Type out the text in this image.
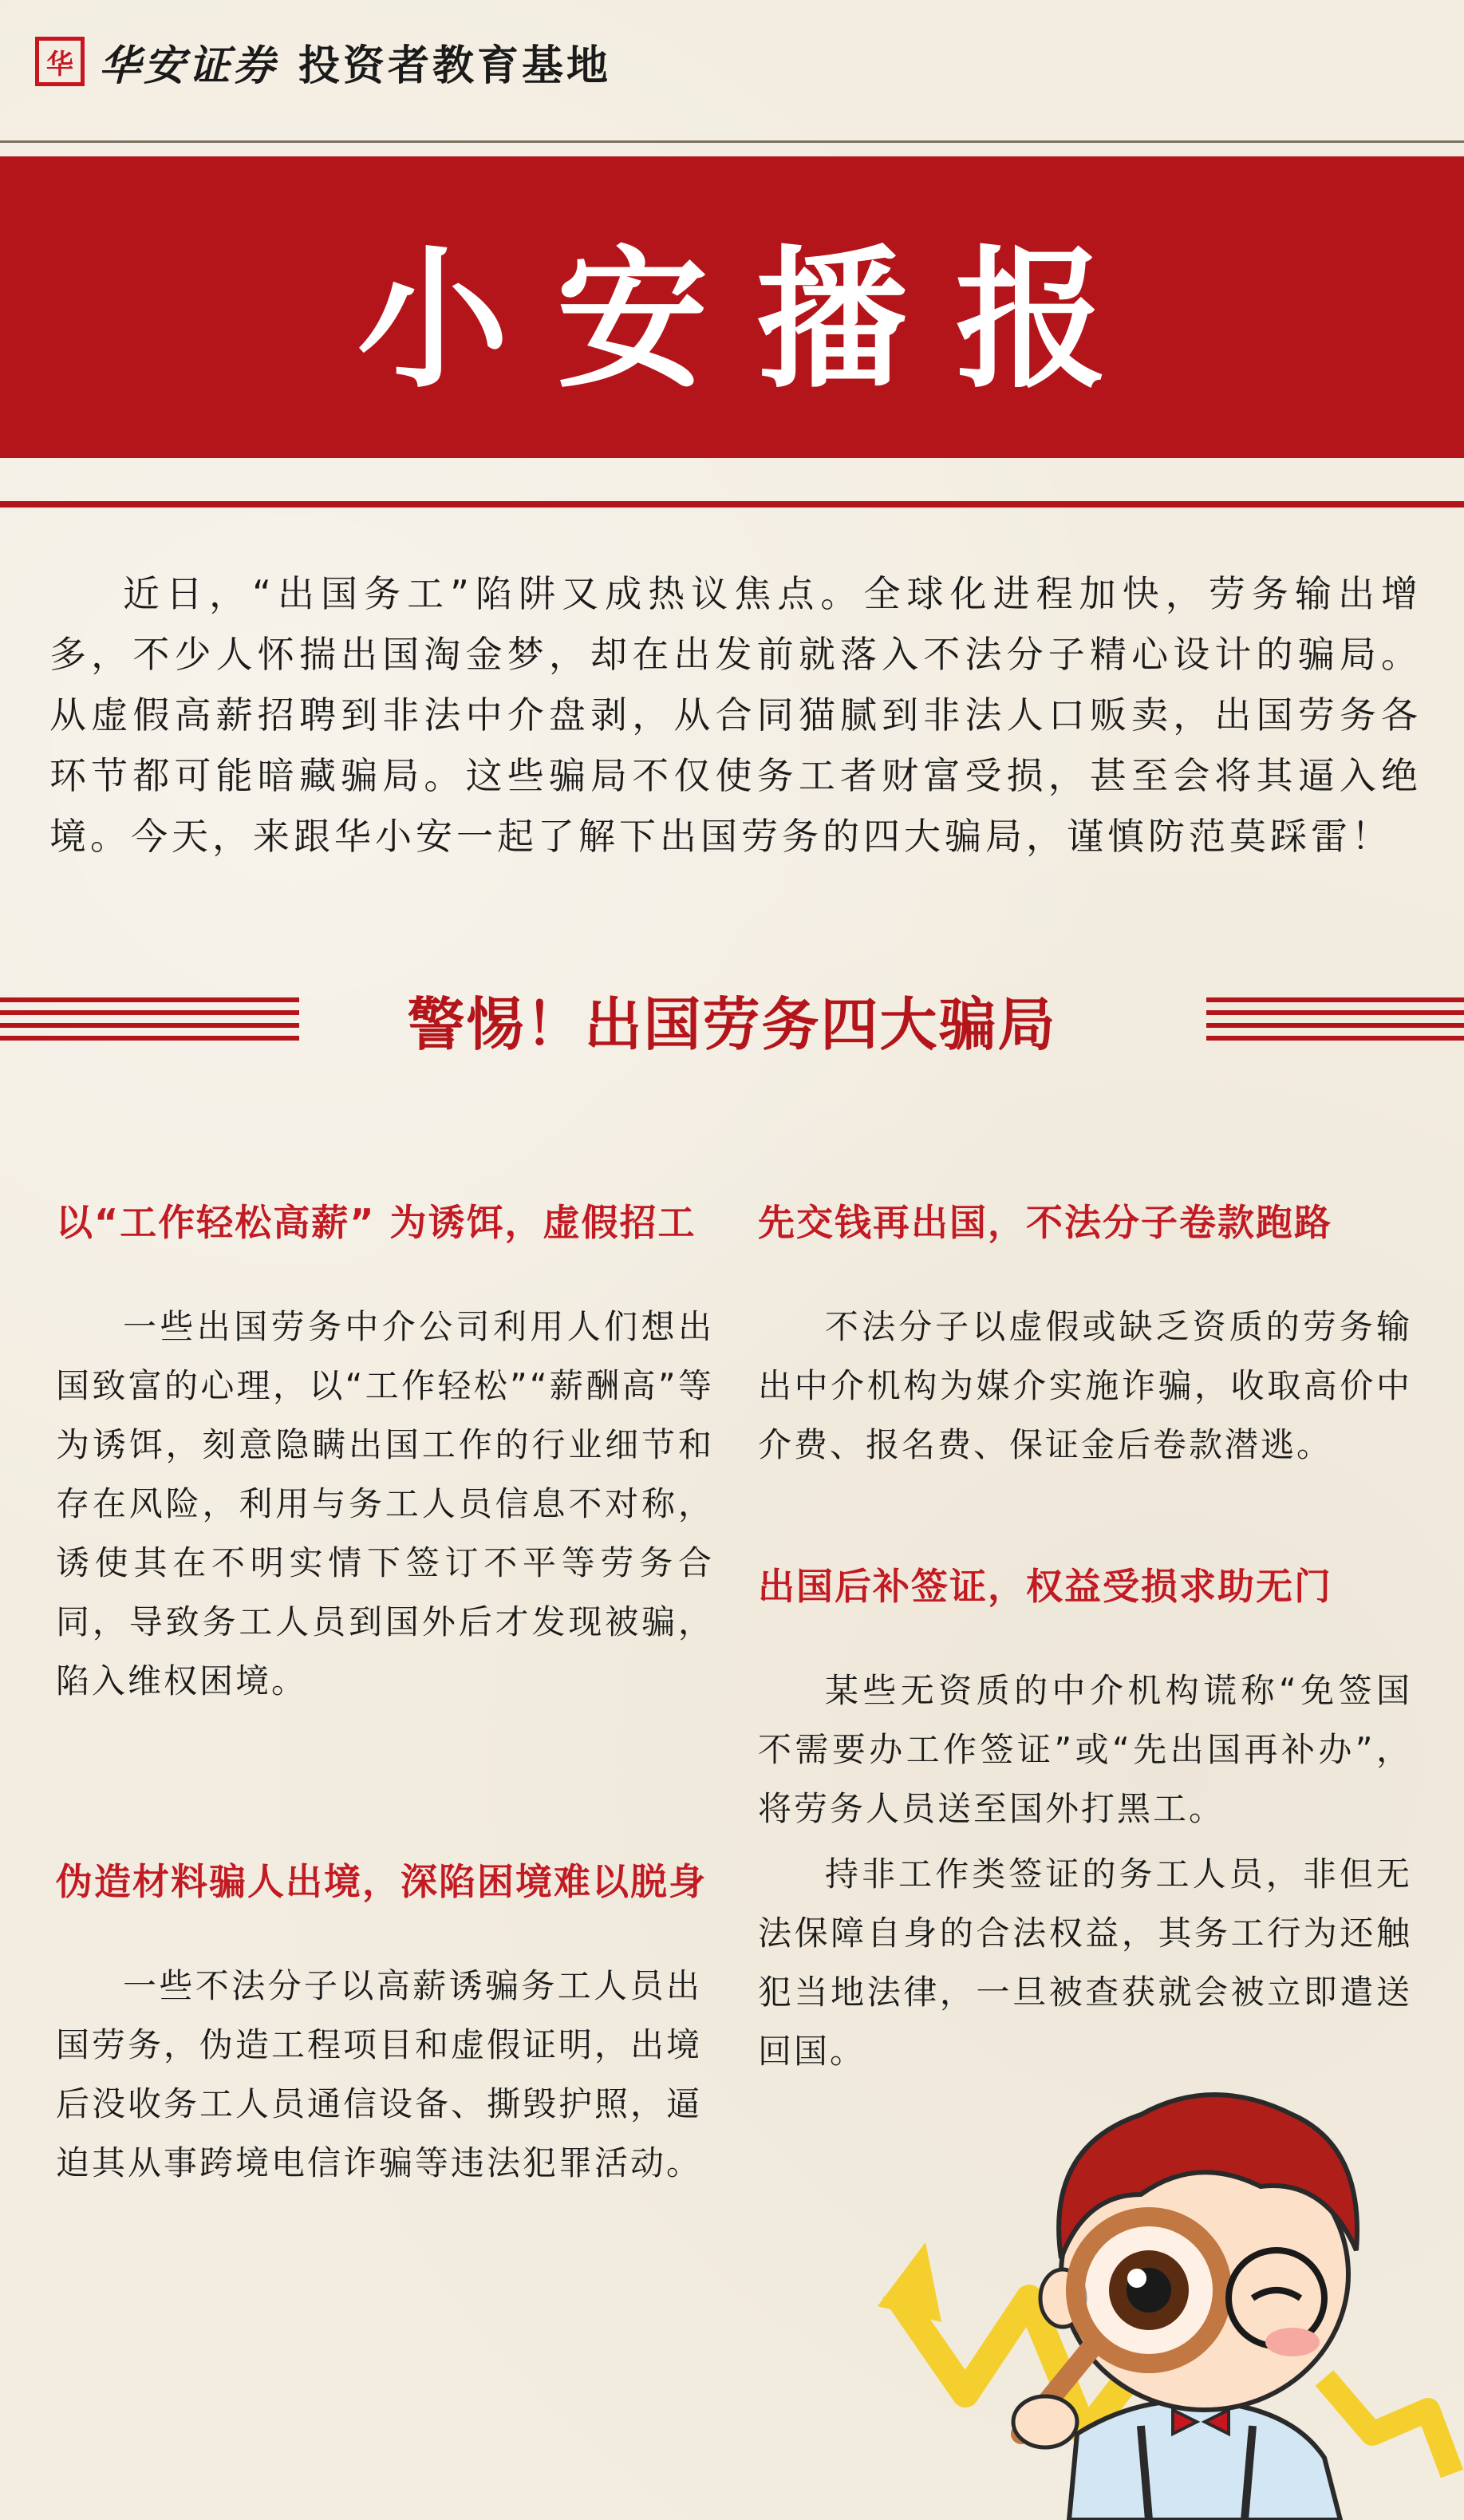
华 华安证券 投资者教育基地
小安播报

近日，“出国务工”陷阱又成热议焦点。全球化进程加快，劳务输出增多，不少人怀揣出国淘金梦，却在出发前就落入不法分子精心设计的骗局。从虚假高薪招聘到非法中介盘剥，从合同猫腻到非法人口贩卖，出国劳务各环节都可能暗藏骗局。这些骗局不仅使务工者财富受损，甚至会将其逼入绝境。今天，来跟华小安一起了解下出国劳务的四大骗局，谨慎防范莫踩雷！

警惕！出国劳务四大骗局

以“工作轻松高薪” 为诱饵，虚假招工

一些出国劳务中介公司利用人们想出国致富的心理，以“工作轻松”“薪酬高”等为诱饵，刻意隐瞒出国工作的行业细节和存在风险，利用与务工人员信息不对称，诱使其在不明实情下签订不平等劳务合同，导致务工人员到国外后才发现被骗，陷入维权困境。

伪造材料骗人出境，深陷困境难以脱身

一些不法分子以高薪诱骗务工人员出国劳务，伪造工程项目和虚假证明，出境后没收务工人员通信设备、撕毁护照，逼迫其从事跨境电信诈骗等违法犯罪活动。

先交钱再出国，不法分子卷款跑路

不法分子以虚假或缺乏资质的劳务输出中介机构为媒介实施诈骗，收取高价中介费、报名费、保证金后卷款潜逃。

出国后补签证，权益受损求助无门

某些无资质的中介机构谎称“免签国不需要办工作签证”或“先出国再补办”，将劳务人员送至国外打黑工。

持非工作类签证的务工人员，非但无法保障自身的合法权益，其务工行为还触犯当地法律，一旦被查获就会被立即遣送回国。
